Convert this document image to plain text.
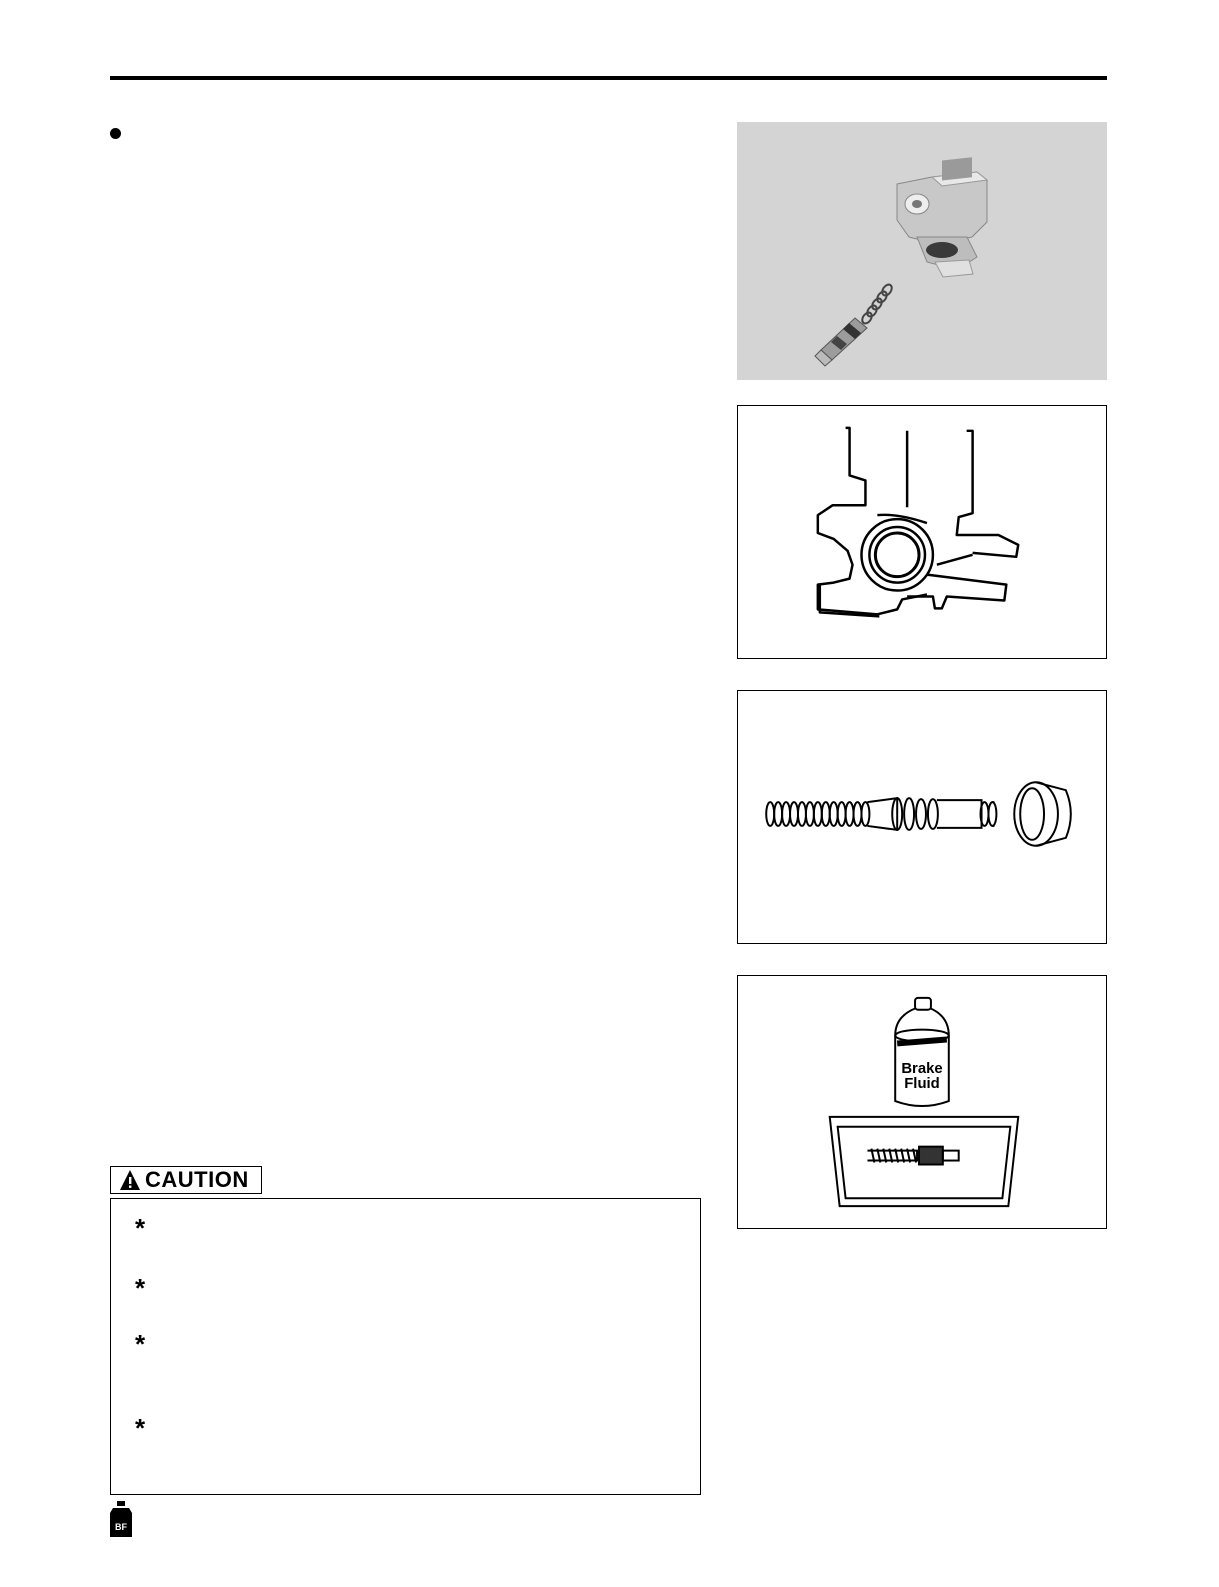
Brake
Fluid
CAUTION
*
*
*
*
BF
